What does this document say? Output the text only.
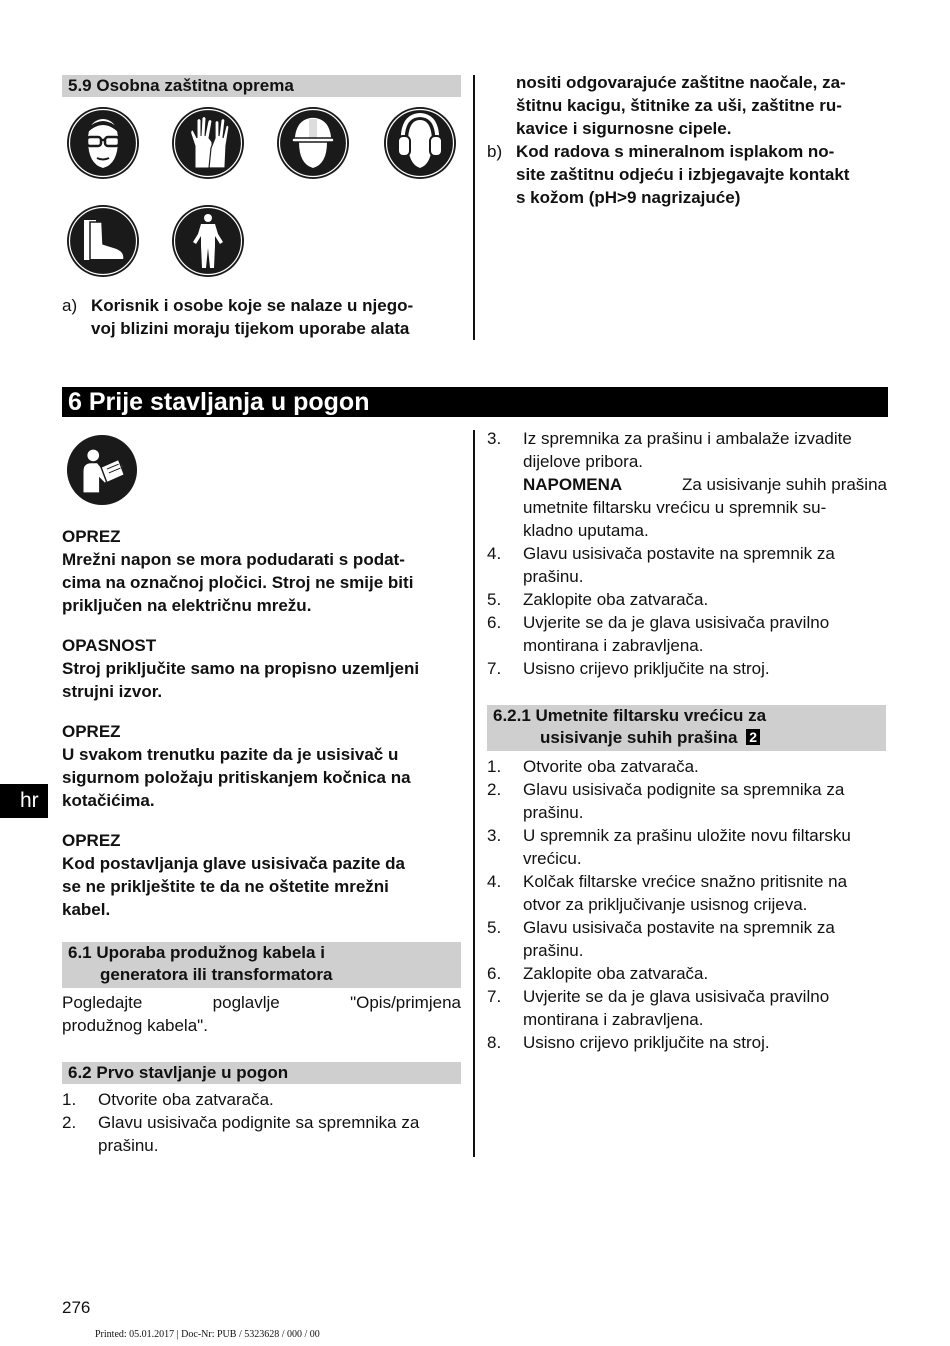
5.9 Osobna zaštitna oprema
a) Korisnik i osobe koje se nalaze u njego-
voj blizini moraju tijekom uporabe alata
nositi odgovarajuće zaštitne naočale, za-
štitnu kacigu, štitnike za uši, zaštitne ru-
kavice i sigurnosne cipele.
b) Kod radova s mineralnom isplakom no-
site zaštitnu odjeću i izbjegavajte kontakt
s kožom (pH>9 nagrizajuće)
6 Prije stavljanja u pogon
OPREZ
Mrežni napon se mora podudarati s podat-
cima na označnoj pločici. Stroj ne smije biti
priključen na električnu mrežu.
OPASNOST
Stroj priključite samo na propisno uzemljeni
strujni izvor.
OPREZ
U svakom trenutku pazite da je usisivač u
sigurnom položaju pritiskanjem kočnica na
kotačićima.
OPREZ
Kod postavljanja glave usisivača pazite da
se ne priklještite te da ne oštetite mrežni
kabel.
hr
6.1 Uporaba produžnog kabela i
generatora ili transformatora
Pogledajte	poglavlje	"Opis/primjena
produžnog kabela".
6.2 Prvo stavljanje u pogon
1. Otvorite oba zatvarača.
2. Glavu usisivača podignite sa spremnika za
prašinu.
3. Iz spremnika za prašinu i ambalaže izvadite
dijelove pribora.
NAPOMENA	Za usisivanje suhih prašina
umetnite filtarsku vrećicu u spremnik su-
kladno uputama.
4. Glavu usisivača postavite na spremnik za
prašinu.
5. Zaklopite oba zatvarača.
6. Uvjerite se da je glava usisivača pravilno
montirana i zabravljena.
7. Usisno crijevo priključite na stroj.
6.2.1 Umetnite filtarsku vrećicu za
usisivanje suhih prašina 2
1. Otvorite oba zatvarača.
2. Glavu usisivača podignite sa spremnika za
prašinu.
3. U spremnik za prašinu uložite novu filtarsku
vrećicu.
4. Kolčak filtarske vrećice snažno pritisnite na
otvor za priključivanje usisnog crijeva.
5. Glavu usisivača postavite na spremnik za
prašinu.
6. Zaklopite oba zatvarača.
7. Uvjerite se da je glava usisivača pravilno
montirana i zabravljena.
8. Usisno crijevo priključite na stroj.
276
Printed: 05.01.2017 | Doc-Nr: PUB / 5323628 / 000 / 00
